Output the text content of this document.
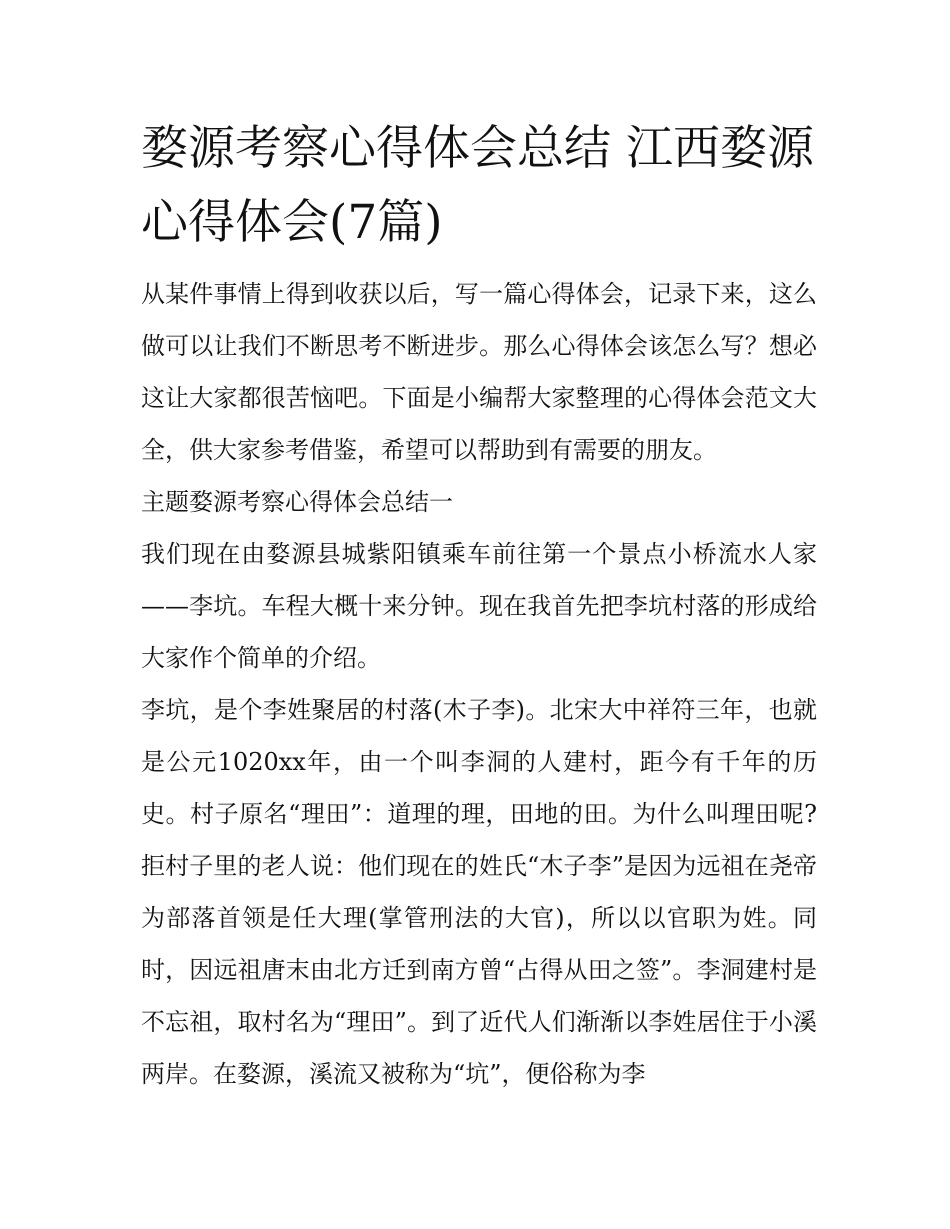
婺源考察心得体会总结 江西婺源心得体会(7篇)

从某件事情上得到收获以后，写一篇心得体会，记录下来，这么做可以让我们不断思考不断进步。那么心得体会该怎么写？想必这让大家都很苦恼吧。下面是小编帮大家整理的心得体会范文大全，供大家参考借鉴，希望可以帮助到有需要的朋友。

主题婺源考察心得体会总结一

我们现在由婺源县城紫阳镇乘车前往第一个景点小桥流水人家——李坑。车程大概十来分钟。现在我首先把李坑村落的形成给大家作个简单的介绍。

李坑，是个李姓聚居的村落(木子李)。北宋大中祥符三年，也就是公元1020xx年，由一个叫李洞的人建村，距今有千年的历史。村子原名“理田”：道理的理，田地的田。为什么叫理田呢?拒村子里的老人说：他们现在的姓氏“木子李”是因为远祖在尧帝为部落首领是任大理(掌管刑法的大官)，所以以官职为姓。同时，因远祖唐末由北方迁到南方曾“占得从田之签”。李洞建村是不忘祖，取村名为“理田”。到了近代人们渐渐以李姓居住于小溪两岸。在婺源，溪流又被称为“坑”，便俗称为李
